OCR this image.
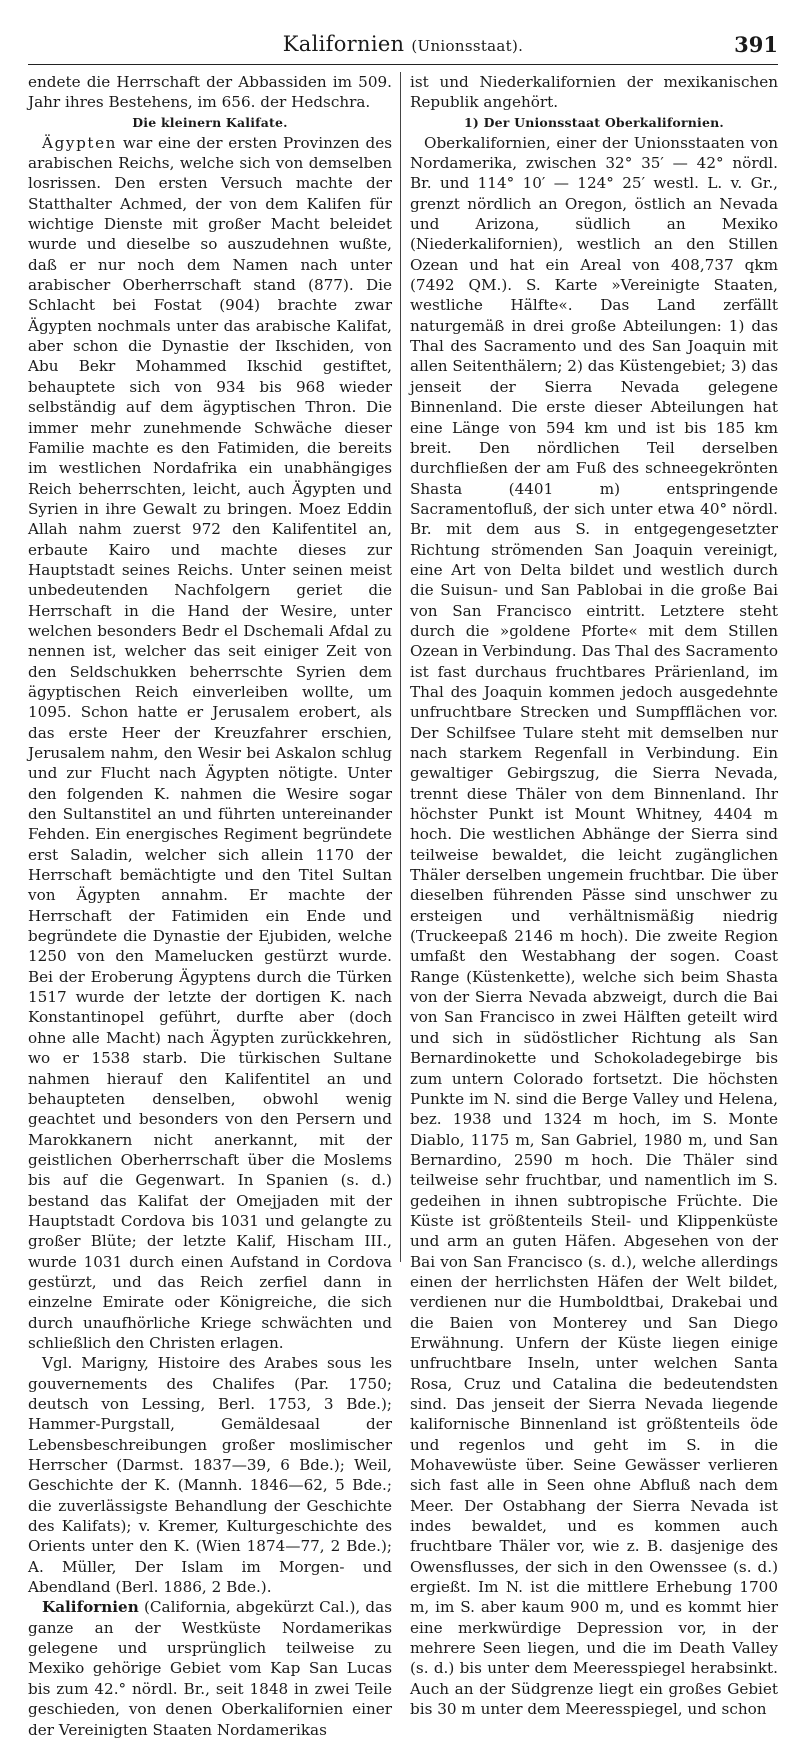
Kalifornien (Unionsstaat).	391

endete die Herrschaft der Abbassiden im 509. Jahr ihres Bestehens, im 656. der Hedschra.

Die kleinern Kalifate.

Ägypten war eine der ersten Provinzen des arabischen Reichs, welche sich von demselben losrissen. Den ersten Versuch machte der Statthalter Achmed, der von dem Kalifen für wichtige Dienste mit großer Macht beleidet wurde und dieselbe so auszudehnen wußte, daß er nur noch dem Namen nach unter arabischer Oberherrschaft stand (877). Die Schlacht bei Fostat (904) brachte zwar Ägypten nochmals unter das arabische Kalifat, aber schon die Dynastie der Ikschiden, von Abu Bekr Mohammed Ikschid gestiftet, behauptete sich von 934 bis 968 wieder selbständig auf dem ägyptischen Thron. Die immer mehr zunehmende Schwäche dieser Familie machte es den Fatimiden, die bereits im westlichen Nordafrika ein unabhängiges Reich beherrschten, leicht, auch Ägypten und Syrien in ihre Gewalt zu bringen. Moez Eddin Allah nahm zuerst 972 den Kalifentitel an, erbaute Kairo und machte dieses zur Hauptstadt seines Reichs. Unter seinen meist unbedeutenden Nachfolgern geriet die Herrschaft in die Hand der Wesire, unter welchen besonders Bedr el Dschemali Afdal zu nennen ist, welcher das seit einiger Zeit von den Seldschukken beherrschte Syrien dem ägyptischen Reich einverleiben wollte, um 1095. Schon hatte er Jerusalem erobert, als das erste Heer der Kreuzfahrer erschien, Jerusalem nahm, den Wesir bei Askalon schlug und zur Flucht nach Ägypten nötigte. Unter den folgenden K. nahmen die Wesire sogar den Sultanstitel an und führten untereinander Fehden. Ein energisches Regiment begründete erst Saladin, welcher sich allein 1170 der Herrschaft bemächtigte und den Titel Sultan von Ägypten annahm. Er machte der Herrschaft der Fatimiden ein Ende und begründete die Dynastie der Ejubiden, welche 1250 von den Mamelucken gestürzt wurde. Bei der Eroberung Ägyptens durch die Türken 1517 wurde der letzte der dortigen K. nach Konstantinopel geführt, durfte aber (doch ohne alle Macht) nach Ägypten zurückkehren, wo er 1538 starb. Die türkischen Sultane nahmen hierauf den Kalifentitel an und behaupteten denselben, obwohl wenig geachtet und besonders von den Persern und Marokkanern nicht anerkannt, mit der geistlichen Oberherrschaft über die Moslems bis auf die Gegenwart. In Spanien (s. d.) bestand das Kalifat der Omejjaden mit der Hauptstadt Cordova bis 1031 und gelangte zu großer Blüte; der letzte Kalif, Hischam III., wurde 1031 durch einen Aufstand in Cordova gestürzt, und das Reich zerfiel dann in einzelne Emirate oder Königreiche, die sich durch unaufhörliche Kriege schwächten und schließlich den Christen erlagen.

Vgl. Marigny, Histoire des Arabes sous les gouvernements des Chalifes (Par. 1750; deutsch von Lessing, Berl. 1753, 3 Bde.); Hammer-Purgstall, Gemäldesaal der Lebensbeschreibungen großer moslimischer Herrscher (Darmst. 1837—39, 6 Bde.); Weil, Geschichte der K. (Mannh. 1846—62, 5 Bde.; die zuverlässigste Behandlung der Geschichte des Kalifats); v. Kremer, Kulturgeschichte des Orients unter den K. (Wien 1874—77, 2 Bde.); A. Müller, Der Islam im Morgen- und Abendland (Berl. 1886, 2 Bde.).

Kalifornien (California, abgekürzt Cal.), das ganze an der Westküste Nordamerikas gelegene und ursprünglich teilweise zu Mexiko gehörige Gebiet vom Kap San Lucas bis zum 42.° nördl. Br., seit 1848 in zwei Teile geschieden, von denen Oberkalifornien einer der Vereinigten Staaten Nordamerikas

ist und Niederkalifornien der mexikanischen Republik angehört.

1) Der Unionsstaat Oberkalifornien.

Oberkalifornien, einer der Unionsstaaten von Nordamerika, zwischen 32° 35′ — 42° nördl. Br. und 114° 10′ — 124° 25′ westl. L. v. Gr., grenzt nördlich an Oregon, östlich an Nevada und Arizona, südlich an Mexiko (Niederkalifornien), westlich an den Stillen Ozean und hat ein Areal von 408,737 qkm (7492 QM.). S. Karte »Vereinigte Staaten, westliche Hälfte«. Das Land zerfällt naturgemäß in drei große Abteilungen: 1) das Thal des Sacramento und des San Joaquin mit allen Seitenthälern; 2) das Küstengebiet; 3) das jenseit der Sierra Nevada gelegene Binnenland. Die erste dieser Abteilungen hat eine Länge von 594 km und ist bis 185 km breit. Den nördlichen Teil derselben durchfließen der am Fuß des schneegekrönten Shasta (4401 m) entspringende Sacramentofluß, der sich unter etwa 40° nördl. Br. mit dem aus S. in entgegengesetzter Richtung strömenden San Joaquin vereinigt, eine Art von Delta bildet und westlich durch die Suisun- und San Pablobai in die große Bai von San Francisco eintritt. Letztere steht durch die »goldene Pforte« mit dem Stillen Ozean in Verbindung. Das Thal des Sacramento ist fast durchaus fruchtbares Präriеnland, im Thal des Joaquin kommen jedoch ausgedehnte unfruchtbare Strecken und Sumpfflächen vor. Der Schilfsee Tulare steht mit demselben nur nach starkem Regenfall in Verbindung. Ein gewaltiger Gebirgszug, die Sierra Nevada, trennt diese Thäler von dem Binnenland. Ihr höchster Punkt ist Mount Whitney, 4404 m hoch. Die westlichen Abhänge der Sierra sind teilweise bewaldet, die leicht zugänglichen Thäler derselben ungemein fruchtbar. Die über dieselben führenden Pässe sind unschwer zu ersteigen und verhältnismäßig niedrig (Truckeepaß 2146 m hoch). Die zweite Region umfaßt den Westabhang der sogen. Coast Range (Küstenkette), welche sich beim Shasta von der Sierra Nevada abzweigt, durch die Bai von San Francisco in zwei Hälften geteilt wird und sich in südöstlicher Richtung als San Bernardinokette und Schokoladegebirge bis zum untern Colorado fortsetzt. Die höchsten Punkte im N. sind die Berge Valley und Helena, bez. 1938 und 1324 m hoch, im S. Monte Diablo, 1175 m, San Gabriel, 1980 m, und San Bernardino, 2590 m hoch. Die Thäler sind teilweise sehr fruchtbar, und namentlich im S. gedeihen in ihnen subtropische Früchte. Die Küste ist größtenteils Steil- und Klippenküste und arm an guten Häfen. Abgesehen von der Bai von San Francisco (s. d.), welche allerdings einen der herrlichsten Häfen der Welt bildet, verdienen nur die Humboldtbai, Drakebai und die Baien von Monterey und San Diego Erwähnung. Unfern der Küste liegen einige unfruchtbare Inseln, unter welchen Santa Rosa, Cruz und Catalina die bedeutendsten sind. Das jenseit der Sierra Nevada liegende kalifornische Binnenland ist größtenteils öde und regenlos und geht im S. in die Mohavewüste über. Seine Gewässer verlieren sich fast alle in Seen ohne Abfluß nach dem Meer. Der Ostabhang der Sierra Nevada ist indes bewaldet, und es kommen auch fruchtbare Thäler vor, wie z. B. dasjenige des Owensflusses, der sich in den Owenssee (s. d.) ergießt. Im N. ist die mittlere Erhebung 1700 m, im S. aber kaum 900 m, und es kommt hier eine merkwürdige Depression vor, in der mehrere Seen liegen, und die im Death Valley (s. d.) bis unter dem Meeresspiegel herabsinkt. Auch an der Südgrenze liegt ein großes Gebiet bis 30 m unter dem Meeresspiegel, und schon
